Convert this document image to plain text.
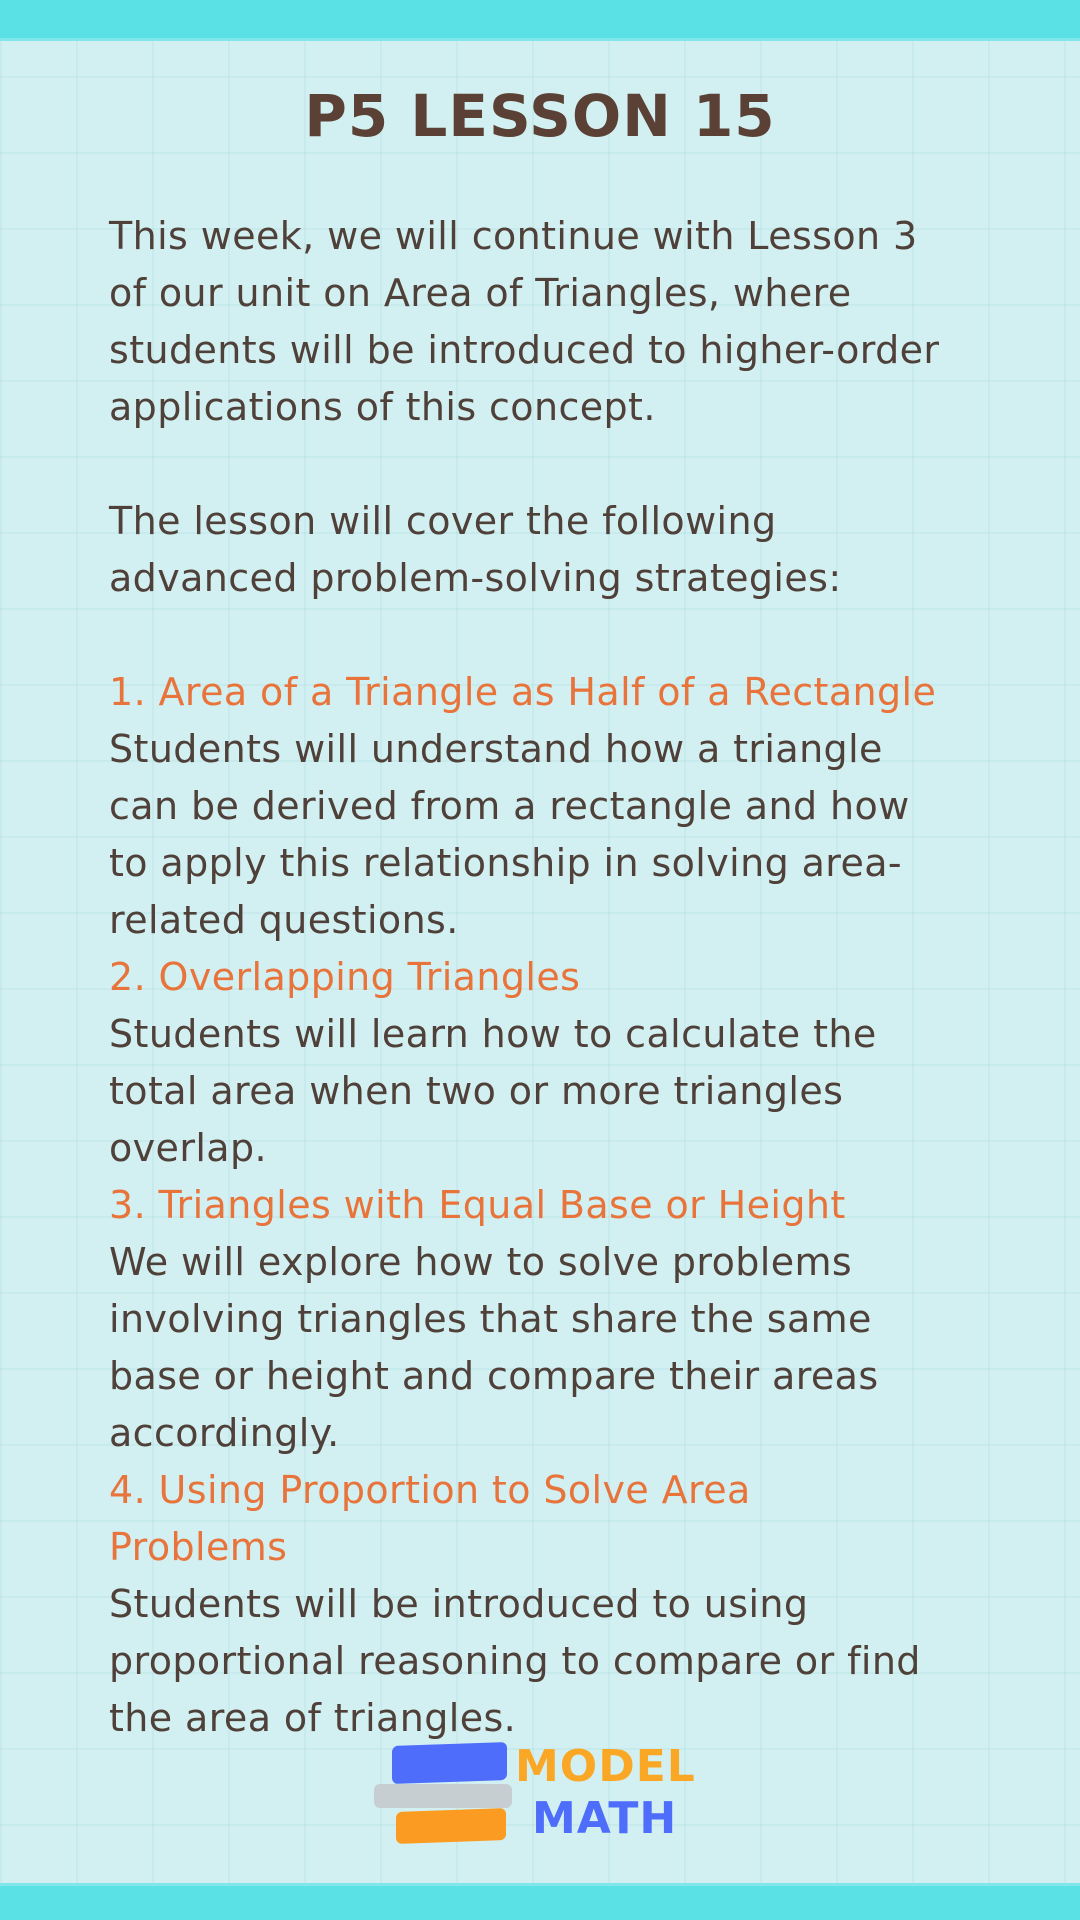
P5 LESSON 15

This week, we will continue with Lesson 3

of our unit on Area of Triangles, where

students will be introduced to higher-order

applications of this concept.

The lesson will cover the following

advanced problem-solving strategies:

1. Area of a Triangle as Half of a Rectangle

Students will understand how a triangle

can be derived from a rectangle and how

to apply this relationship in solving area-

related questions.

2. Overlapping Triangles

Students will learn how to calculate the

total area when two or more triangles

overlap.

3. Triangles with Equal Base or Height

We will explore how to solve problems

involving triangles that share the same

base or height and compare their areas

accordingly.

4. Using Proportion to Solve Area

Problems

Students will be introduced to using

proportional reasoning to compare or find

the area of triangles.

MODEL
MATH
